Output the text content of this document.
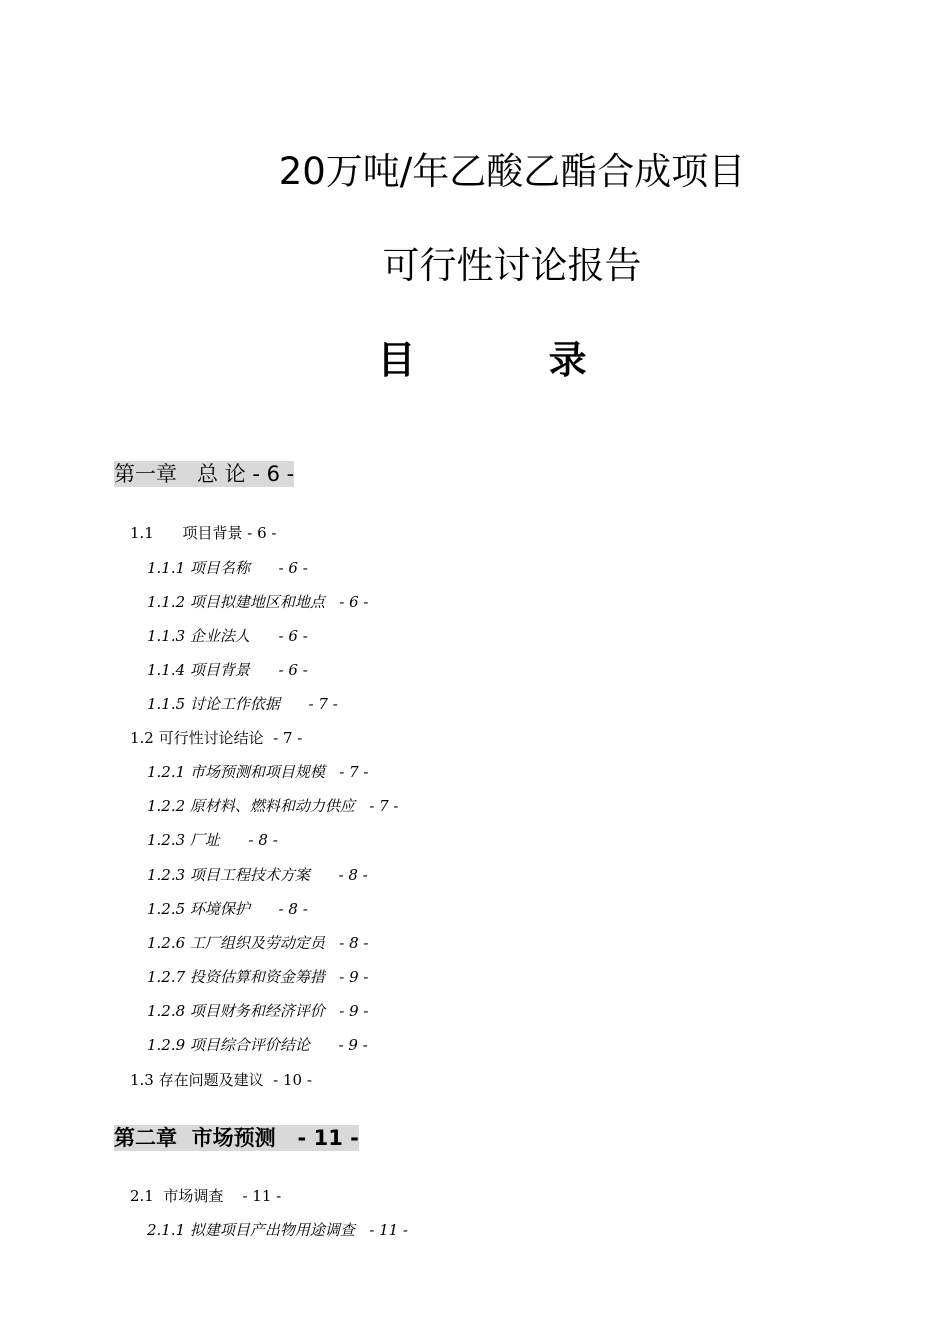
20万吨/年乙酸乙酯合成项目
可行性讨论报告
目 录
第一章   总 论 - 6 -
1.1      项目背景 - 6 -
1.1.1 项目名称      - 6 -
1.1.2 项目拟建地区和地点   - 6 -
1.1.3 企业法人      - 6 -
1.1.4 项目背景      - 6 -
1.1.5 讨论工作依据      - 7 -
1.2 可行性讨论结论  - 7 -
1.2.1 市场预测和项目规模   - 7 -
1.2.2 原材料、燃料和动力供应   - 7 -
1.2.3 厂址      - 8 -
1.2.3 项目工程技术方案      - 8 -
1.2.5 环境保护      - 8 -
1.2.6 工厂组织及劳动定员   - 8 -
1.2.7 投资估算和资金筹措   - 9 -
1.2.8 项目财务和经济评价   - 9 -
1.2.9 项目综合评价结论      - 9 -
1.3 存在问题及建议  - 10 -
第二章  市场预测   - 11 -
2.1  市场调查    - 11 -
2.1.1 拟建项目产出物用途调查   - 11 -
